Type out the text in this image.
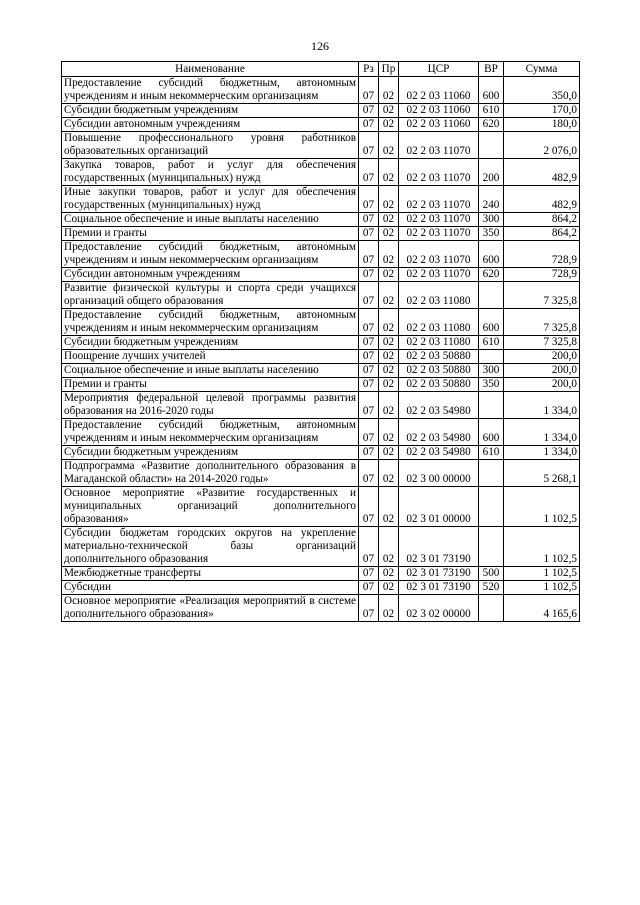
126
Наименование	Рз	Пр	ЦСР	ВР	Сумма
Предоставление субсидий бюджетным, автономным учреждениям и иным некоммерческим организациям	07	02	02 2 03 11060	600	350,0
Субсидии бюджетным учреждениям	07	02	02 2 03 11060	610	170,0
Субсидии автономным учреждениям	07	02	02 2 03 11060	620	180,0
Повышение профессионального уровня работников образовательных организаций	07	02	02 2 03 11070		2 076,0
Закупка товаров, работ и услуг для обеспечения государственных (муниципальных) нужд	07	02	02 2 03 11070	200	482,9
Иные закупки товаров, работ и услуг для обеспечения государственных (муниципальных) нужд	07	02	02 2 03 11070	240	482,9
Социальное обеспечение и иные выплаты населению	07	02	02 2 03 11070	300	864,2
Премии и гранты	07	02	02 2 03 11070	350	864,2
Предоставление субсидий бюджетным, автономным учреждениям и иным некоммерческим организациям	07	02	02 2 03 11070	600	728,9
Субсидии автономным учреждениям	07	02	02 2 03 11070	620	728,9
Развитие физической культуры и спорта среди учащихся организаций общего образования	07	02	02 2 03 11080		7 325,8
Предоставление субсидий бюджетным, автономным учреждениям и иным некоммерческим организациям	07	02	02 2 03 11080	600	7 325,8
Субсидии бюджетным учреждениям	07	02	02 2 03 11080	610	7 325,8
Поощрение лучших учителей	07	02	02 2 03 50880		200,0
Социальное обеспечение и иные выплаты населению	07	02	02 2 03 50880	300	200,0
Премии и гранты	07	02	02 2 03 50880	350	200,0
Мероприятия федеральной целевой программы развития образования на 2016-2020 годы	07	02	02 2 03 54980		1 334,0
Предоставление субсидий бюджетным, автономным учреждениям и иным некоммерческим организациям	07	02	02 2 03 54980	600	1 334,0
Субсидии бюджетным учреждениям	07	02	02 2 03 54980	610	1 334,0
Подпрограмма «Развитие дополнительного образования в Магаданской области» на 2014-2020 годы»	07	02	02 3 00 00000		5 268,1
Основное мероприятие «Развитие государственных и муниципальных организаций дополнительного образования»	07	02	02 3 01 00000		1 102,5
Субсидии бюджетам городских округов на укрепление материально-технической базы организаций дополнительного образования	07	02	02 3 01 73190		1 102,5
Межбюджетные трансферты	07	02	02 3 01 73190	500	1 102,5
Субсидии	07	02	02 3 01 73190	520	1 102,5
Основное мероприятие «Реализация мероприятий в системе дополнительного образования»	07	02	02 3 02 00000		4 165,6
